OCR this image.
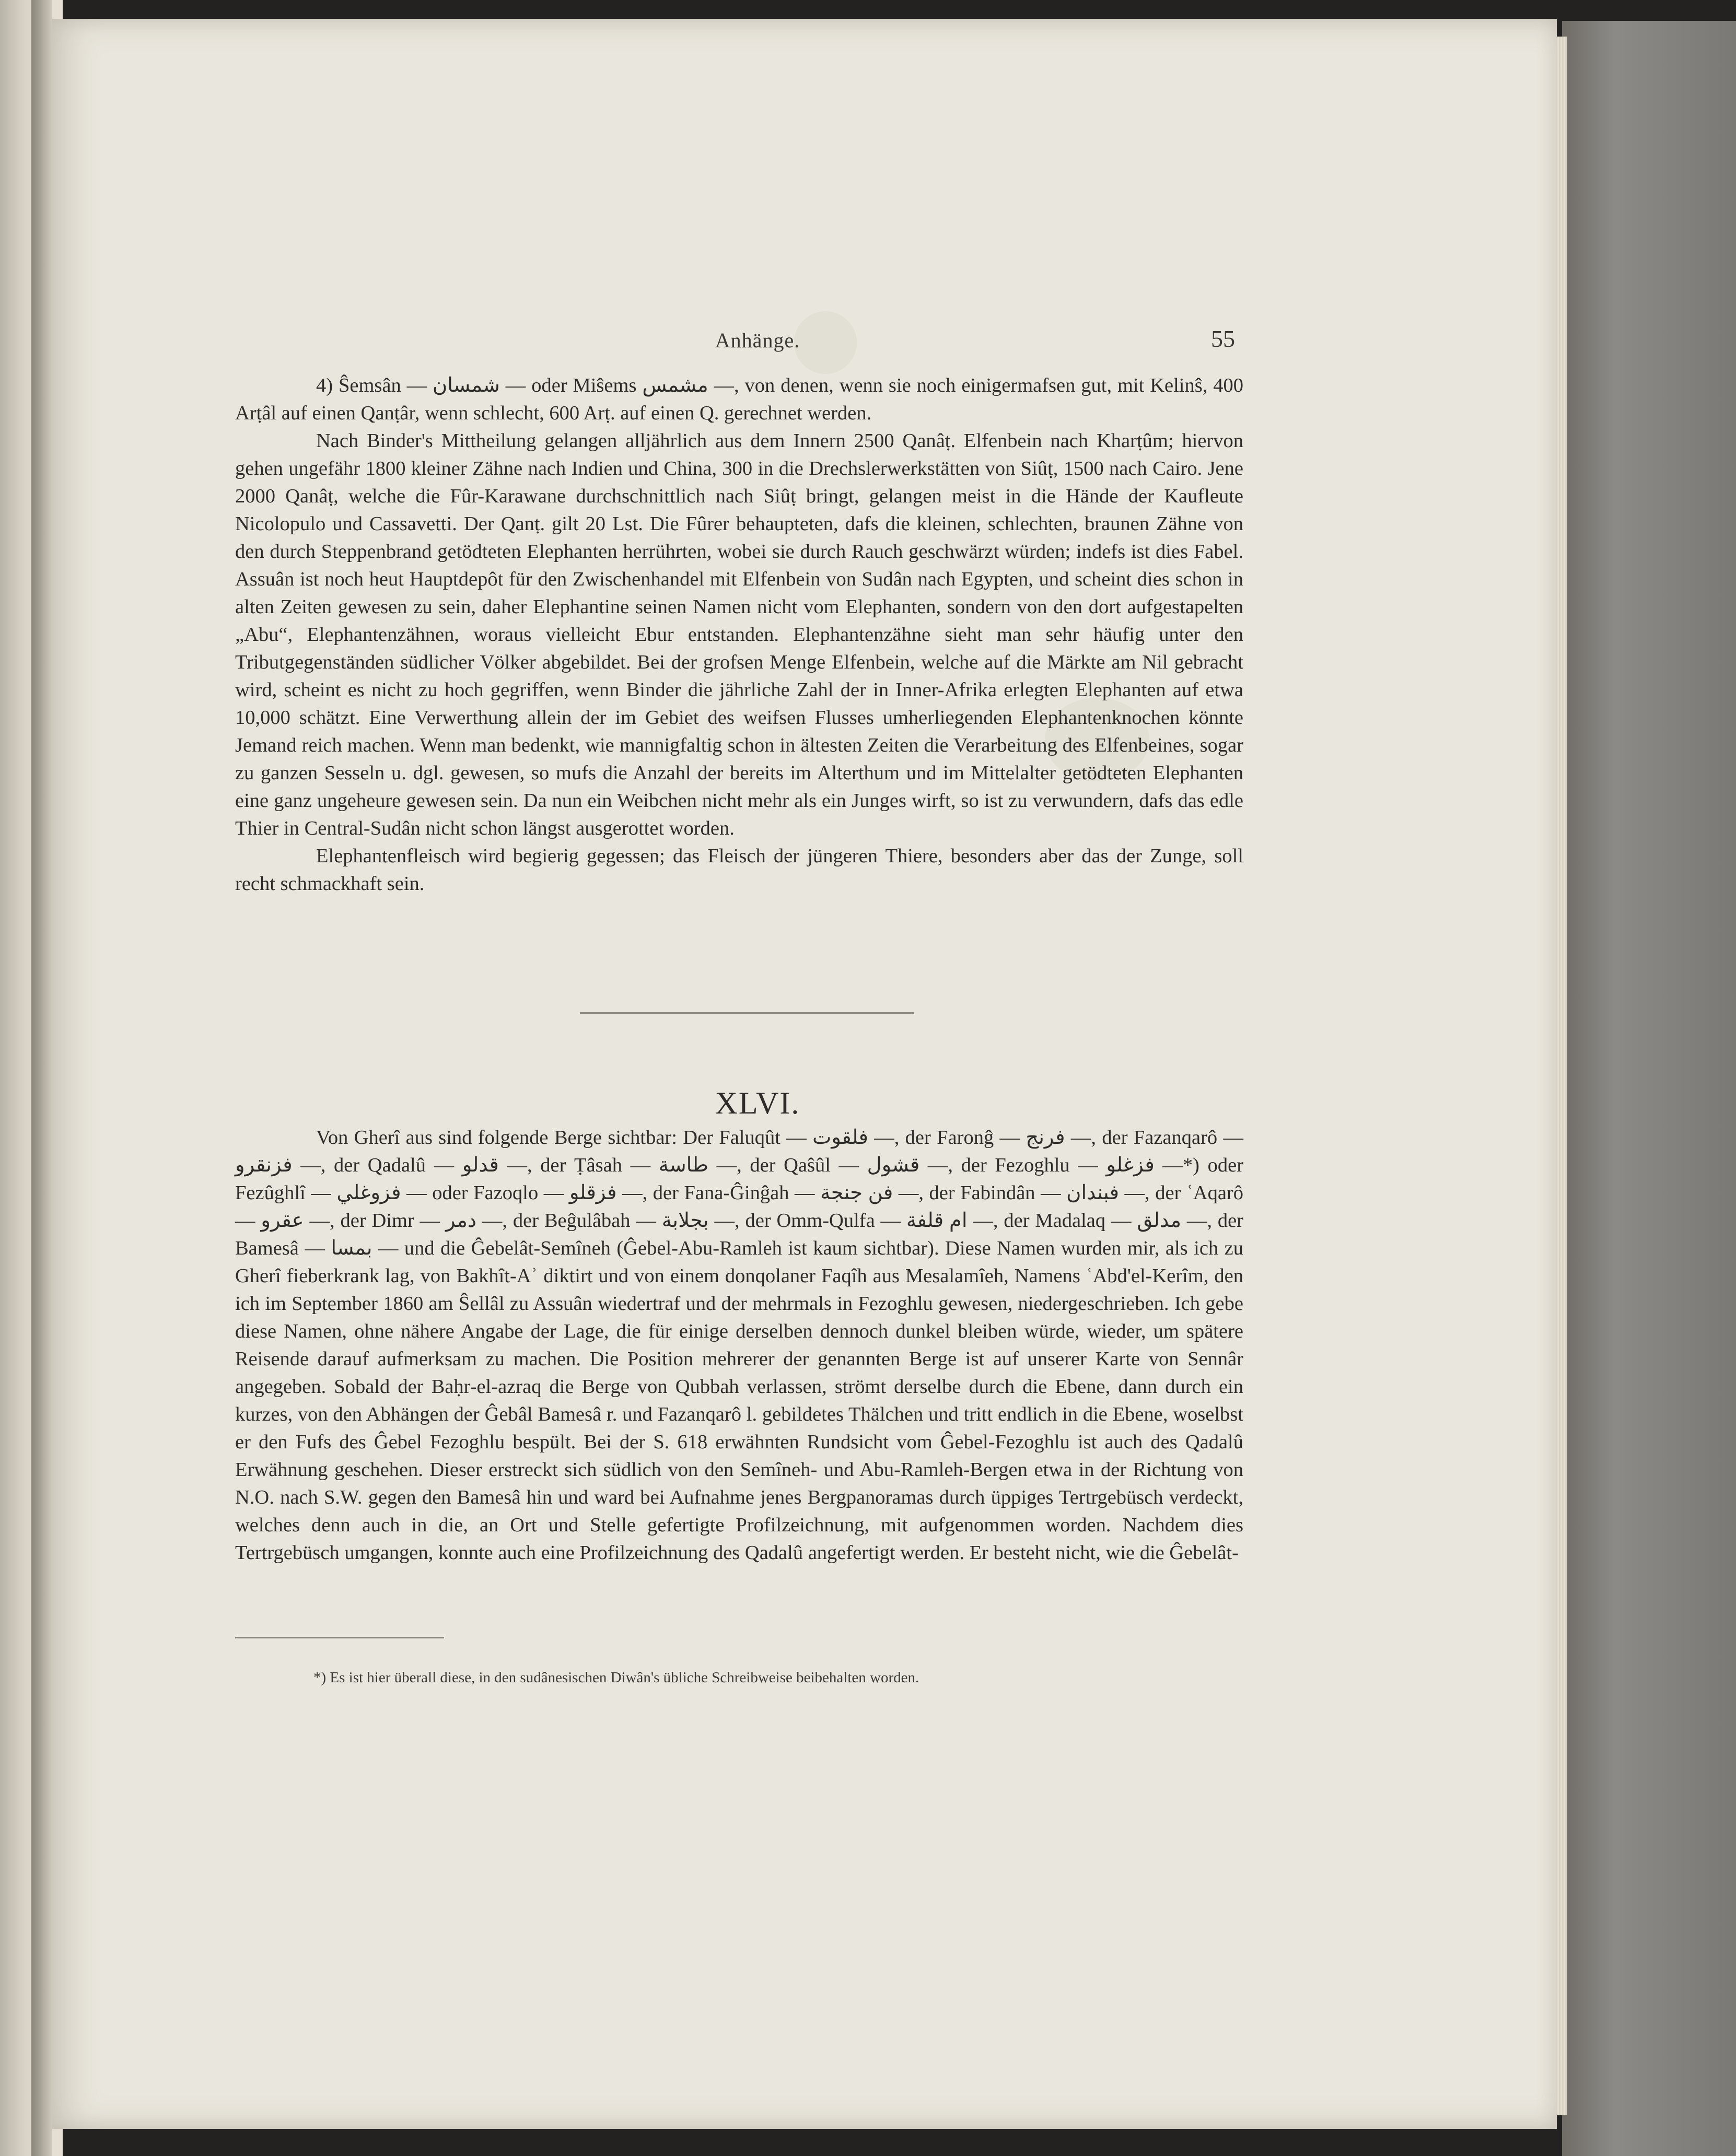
Anhänge.	55

4) Ŝemsân — شمسان — oder Miŝems مشمس —, von denen, wenn sie noch einigermafsen gut, mit Kelinŝ, 400 Arṭâl auf einen Qanṭâr, wenn schlecht, 600 Arṭ. auf einen Q. gerechnet werden.

Nach Binder's Mittheilung gelangen alljährlich aus dem Innern 2500 Qanâṭ. Elfenbein nach Kharṭûm; hiervon gehen ungefähr 1800 kleiner Zähne nach Indien und China, 300 in die Drechslerwerkstätten von Siûṭ, 1500 nach Cairo. Jene 2000 Qanâṭ, welche die Fûr-Karawane durchschnittlich nach Siûṭ bringt, gelangen meist in die Hände der Kaufleute Nicolopulo und Cassavetti. Der Qanṭ. gilt 20 Lst. Die Fûrer behaupteten, dafs die kleinen, schlechten, braunen Zähne von den durch Steppenbrand getödteten Elephanten herrührten, wobei sie durch Rauch geschwärzt würden; indefs ist dies Fabel. Assuân ist noch heut Hauptdepôt für den Zwischenhandel mit Elfenbein von Sudân nach Egypten, und scheint dies schon in alten Zeiten gewesen zu sein, daher Elephantine seinen Namen nicht vom Elephanten, sondern von den dort aufgestapelten „Abu“, Elephantenzähnen, woraus vielleicht Ebur entstanden. Elephantenzähne sieht man sehr häufig unter den Tributgegenständen südlicher Völker abgebildet. Bei der grofsen Menge Elfenbein, welche auf die Märkte am Nil gebracht wird, scheint es nicht zu hoch gegriffen, wenn Binder die jährliche Zahl der in Inner-Afrika erlegten Elephanten auf etwa 10,000 schätzt. Eine Verwerthung allein der im Gebiet des weifsen Flusses umherliegenden Elephantenknochen könnte Jemand reich machen. Wenn man bedenkt, wie mannigfaltig schon in ältesten Zeiten die Verarbeitung des Elfenbeines, sogar zu ganzen Sesseln u. dgl. gewesen, so mufs die Anzahl der bereits im Alterthum und im Mittelalter getödteten Elephanten eine ganz ungeheure gewesen sein. Da nun ein Weibchen nicht mehr als ein Junges wirft, so ist zu verwundern, dafs das edle Thier in Central-Sudân nicht schon längst ausgerottet worden.

Elephantenfleisch wird begierig gegessen; das Fleisch der jüngeren Thiere, besonders aber das der Zunge, soll recht schmackhaft sein.

XLVI.

Von Gherî aus sind folgende Berge sichtbar: Der Faluqût — فلقوت —, der Faronĝ — فرنج —, der Fazanqarô — فزنقرو —, der Qadalû — قدلو —, der Ṭâsah — طاسة —, der Qaŝûl — قشول —, der Fezoghlu — فزغلو —*) oder Fezûghlî — فزوغلي — oder Fazoqlo — فزقلو —, der Fana-Ĝinĝah — فن جنجة —, der Fabindân — فبندان —, der ʿAqarô — عقرو —, der Dimr — دمر —, der Beĝulâbah — بجلابة —, der Omm-Qulfa — ام قلفة —, der Madalaq — مدلق —, der Bamesâ — بمسا — und die Ĝebelât-Semîneh (Ĝebel-Abu-Ramleh ist kaum sichtbar). Diese Namen wurden mir, als ich zu Gherî fieberkrank lag, von Bakhît-Aʾ diktirt und von einem donqolaner Faqîh aus Mesalamîeh, Namens ʿAbd'el-Kerîm, den ich im September 1860 am Ŝellâl zu Assuân wiedertraf und der mehrmals in Fezoghlu gewesen, niedergeschrieben. Ich gebe diese Namen, ohne nähere Angabe der Lage, die für einige derselben dennoch dunkel bleiben würde, wieder, um spätere Reisende darauf aufmerksam zu machen. Die Position mehrerer der genannten Berge ist auf unserer Karte von Sennâr angegeben. Sobald der Baḥr-el-azraq die Berge von Qubbah verlassen, strömt derselbe durch die Ebene, dann durch ein kurzes, von den Abhängen der Ĝebâl Bamesâ r. und Fazanqarô l. gebildetes Thälchen und tritt endlich in die Ebene, woselbst er den Fufs des Ĝebel Fezoghlu bespült. Bei der S. 618 erwähnten Rundsicht vom Ĝebel-Fezoghlu ist auch des Qadalû Erwähnung geschehen. Dieser erstreckt sich südlich von den Semîneh- und Abu-Ramleh-Bergen etwa in der Richtung von N.O. nach S.W. gegen den Bamesâ hin und ward bei Aufnahme jenes Bergpanoramas durch üppiges Tertrgebüsch verdeckt, welches denn auch in die, an Ort und Stelle gefertigte Profilzeichnung, mit aufgenommen worden. Nachdem dies Tertrgebüsch umgangen, konnte auch eine Profilzeichnung des Qadalû angefertigt werden. Er besteht nicht, wie die Ĝebelât-

*) Es ist hier überall diese, in den sudânesischen Diwân's übliche Schreibweise beibehalten worden.
